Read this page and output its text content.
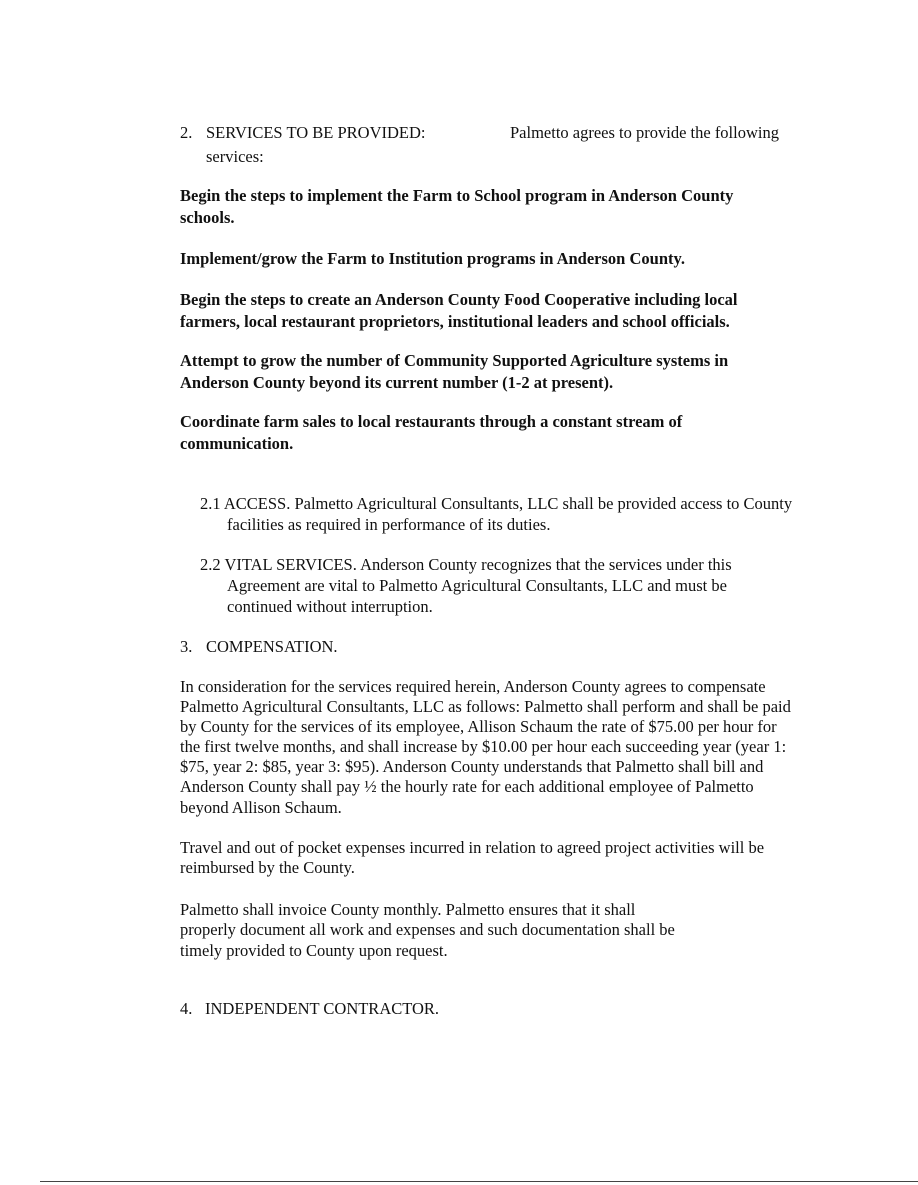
2. SERVICES TO BE PROVIDED:	Palmetto agrees to provide the following
services:
Begin the steps to implement the Farm to School program in Anderson County
schools.
Implement/grow the Farm to Institution programs in Anderson County.
Begin the steps to create an Anderson County Food Cooperative including local
farmers, local restaurant proprietors, institutional leaders and school officials.
Attempt to grow the number of Community Supported Agriculture systems in
Anderson County beyond its current number (1-2 at present).
Coordinate farm sales to local restaurants through a constant stream of
communication.
2.1 ACCESS. Palmetto Agricultural Consultants, LLC shall be provided access to County
facilities as required in performance of its duties.
2.2 VITAL SERVICES. Anderson County recognizes that the services under this
Agreement are vital to Palmetto Agricultural Consultants, LLC and must be
continued without interruption.
3. COMPENSATION.
In consideration for the services required herein, Anderson County agrees to compensate
Palmetto Agricultural Consultants, LLC as follows: Palmetto shall perform and shall be paid
by County for the services of its employee, Allison Schaum the rate of $75.00 per hour for
the first twelve months, and shall increase by $10.00 per hour each succeeding year (year 1:
$75, year 2: $85, year 3: $95). Anderson County understands that Palmetto shall bill and
Anderson County shall pay ½ the hourly rate for each additional employee of Palmetto
beyond Allison Schaum.
Travel and out of pocket expenses incurred in relation to agreed project activities will be
reimbursed by the County.
Palmetto shall invoice County monthly. Palmetto ensures that it shall
properly document all work and expenses and such documentation shall be
timely provided to County upon request.
4. INDEPENDENT CONTRACTOR.
